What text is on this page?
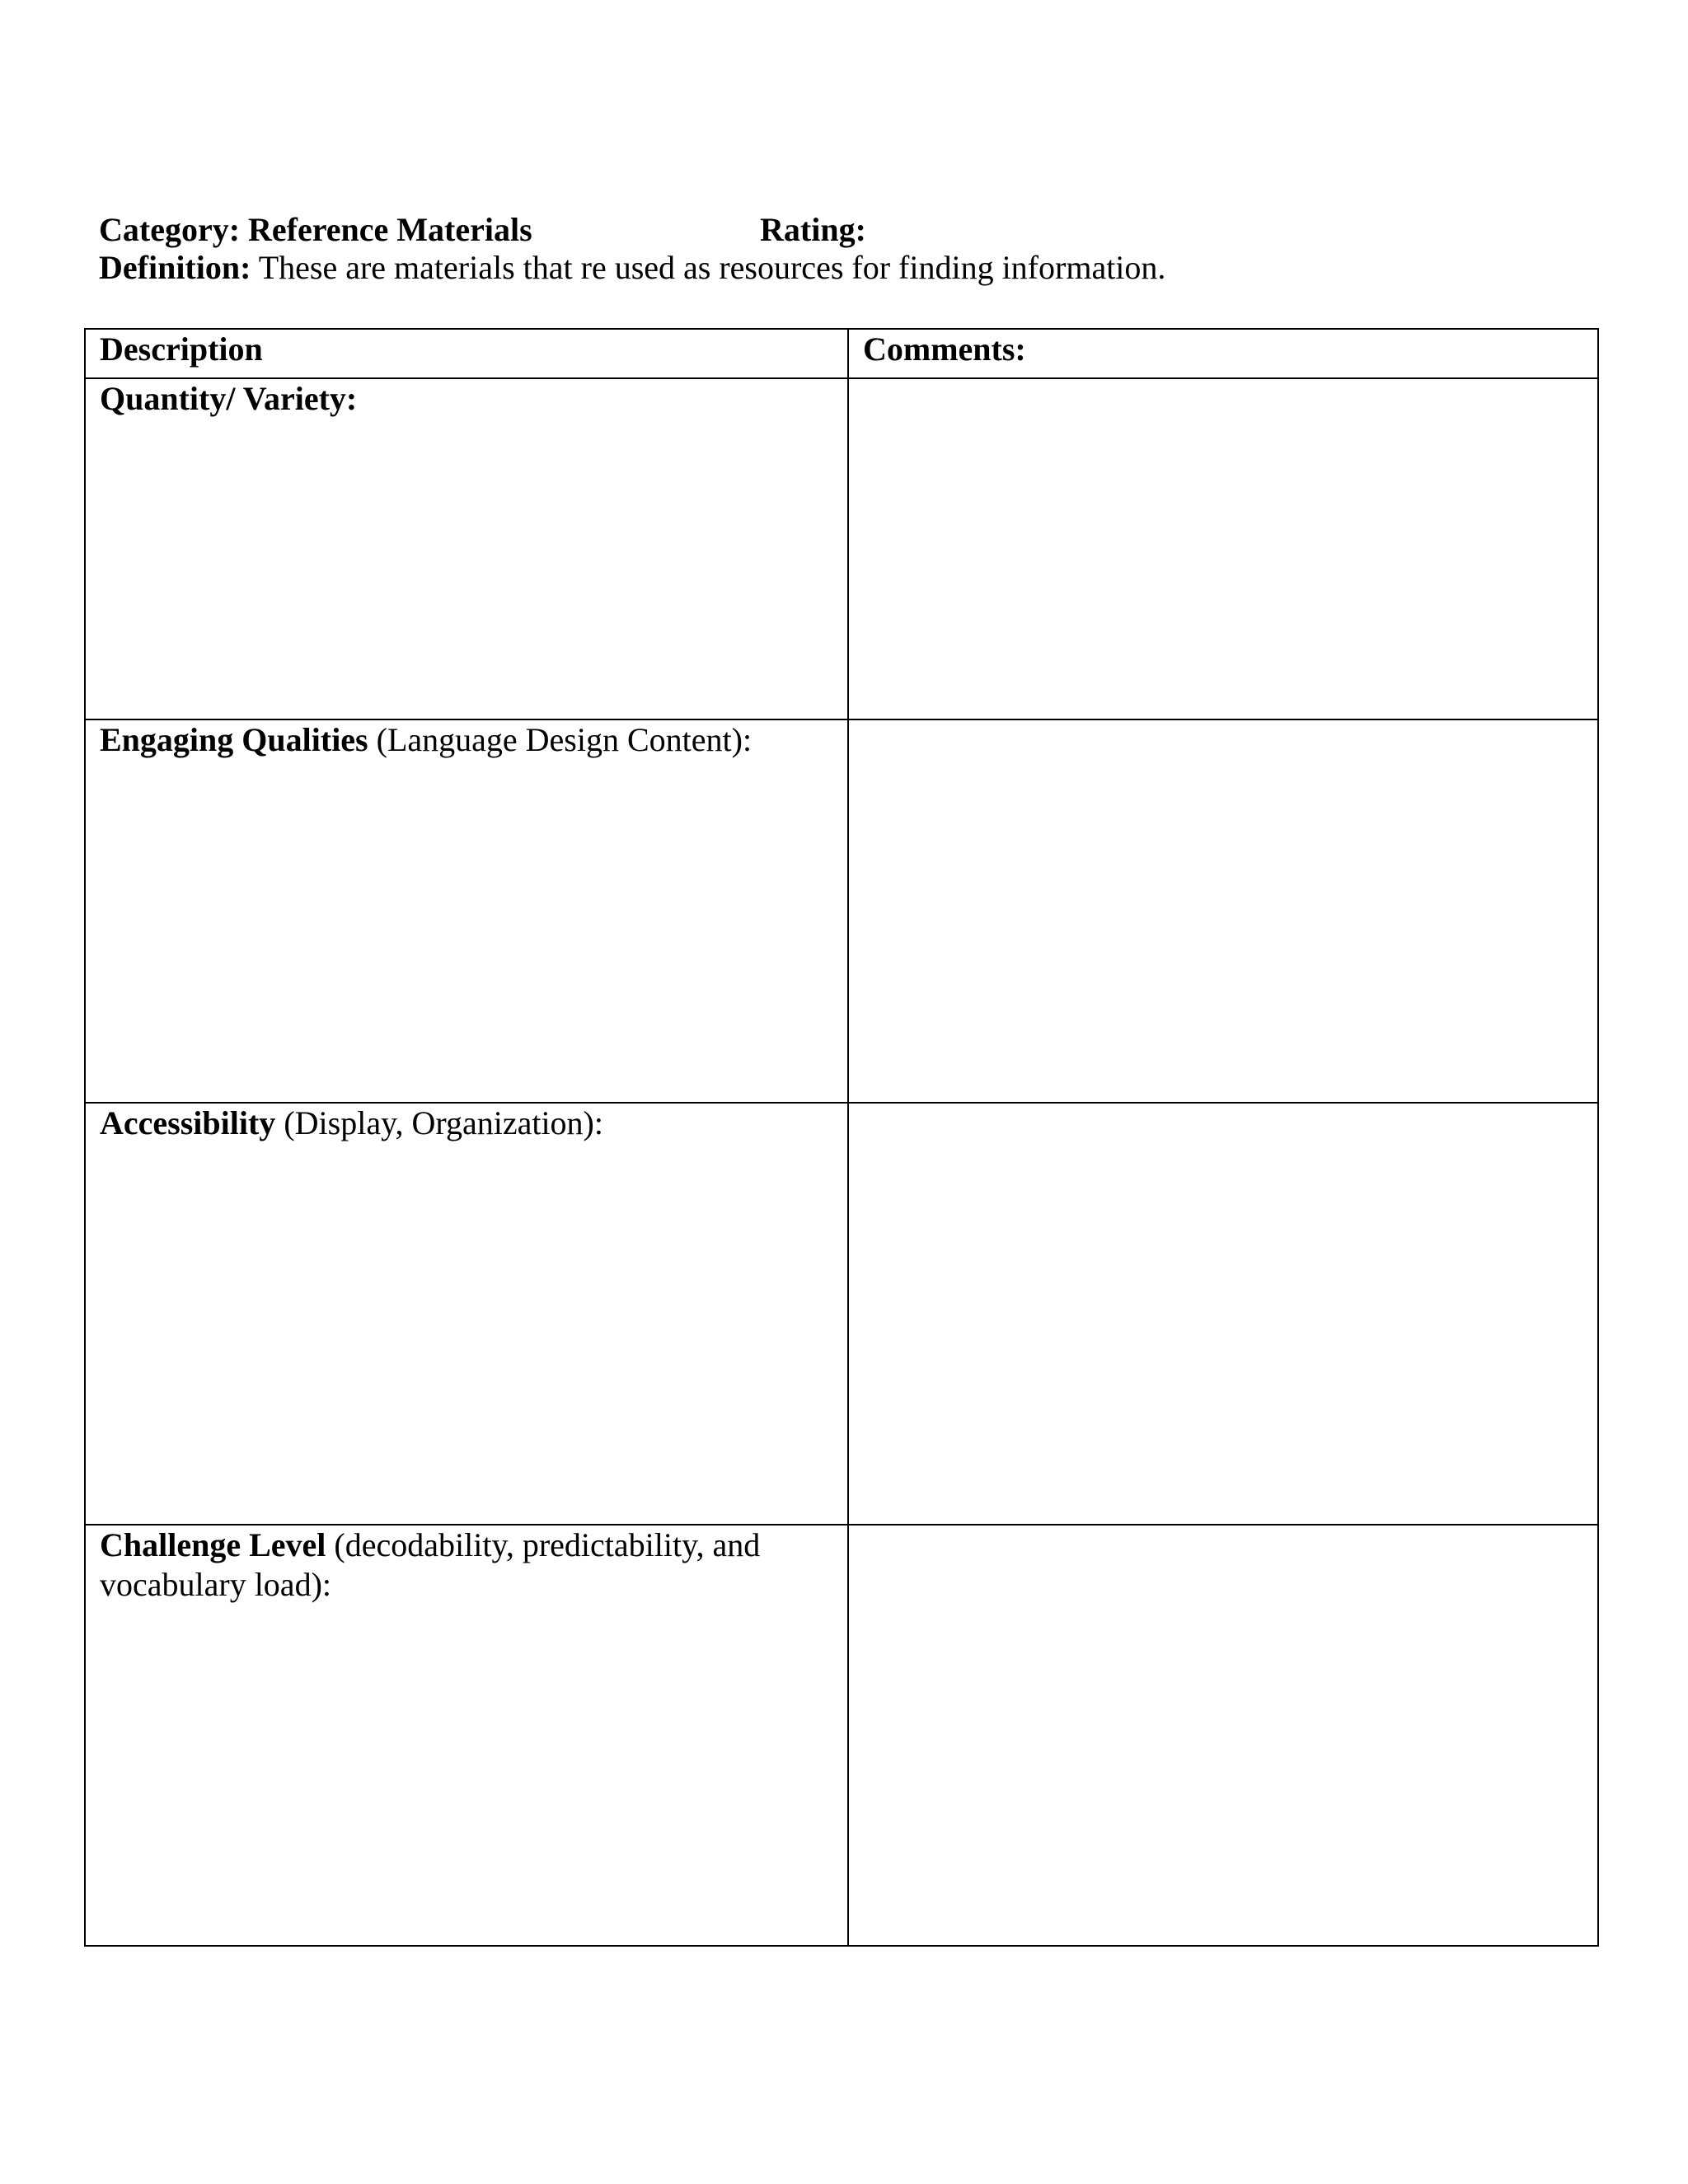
Category: Reference Materials	Rating:
Definition: These are materials that re used as resources for finding information.
Description	Comments:
Quantity/ Variety:	
Engaging Qualities (Language Design Content):	
Accessibility (Display, Organization):	
Challenge Level (decodability, predictability, and vocabulary load):	
